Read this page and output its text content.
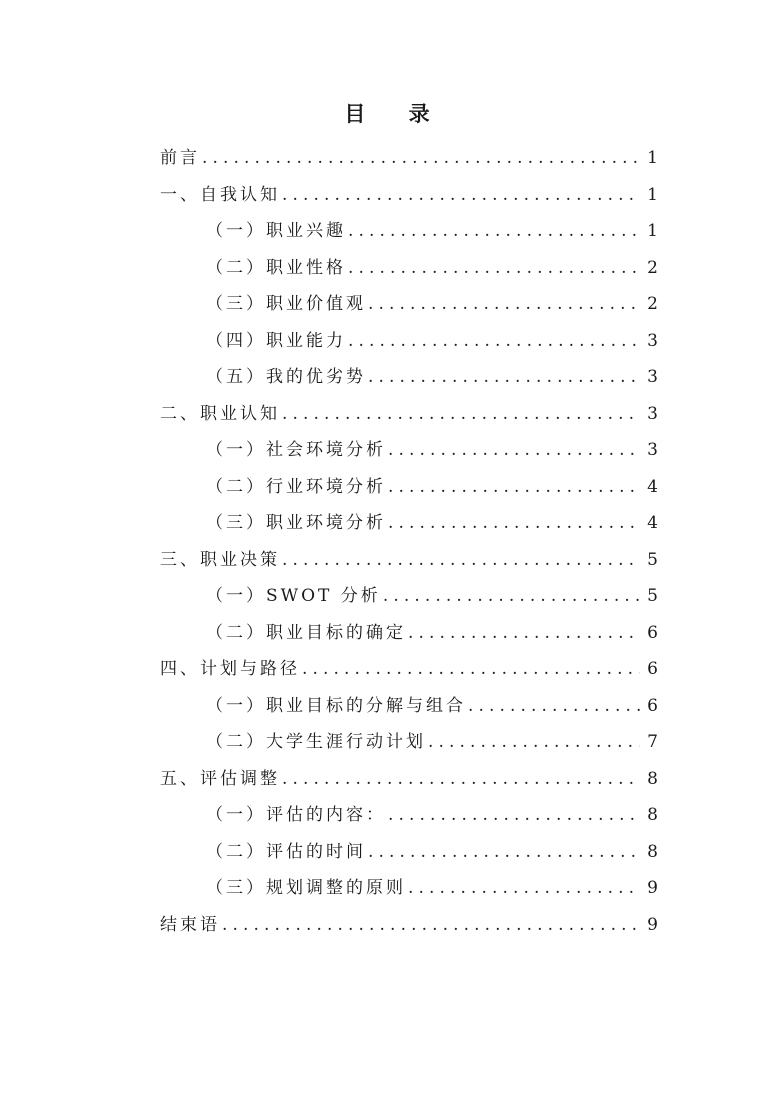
目 录
前言 .....	1
一、自我认知 .....	1
（一）职业兴趣 .....	1
（二）职业性格 .....	2
（三）职业价值观 .....	2
（四）职业能力 .....	3
（五）我的优劣势 .....	3
二、职业认知 .....	3
（一）社会环境分析 .....	3
（二）行业环境分析 .....	4
（三）职业环境分析 .....	4
三、职业决策 .....	5
（一）SWOT 分析 .....	5
（二）职业目标的确定 .....	6
四、计划与路径 .....	6
（一）职业目标的分解与组合 .....	6
（二）大学生涯行动计划 .....	7
五、评估调整 .....	8
（一）评估的内容： .....	8
（二）评估的时间 .....	8
（三）规划调整的原则 .....	9
结束语 .....	9
